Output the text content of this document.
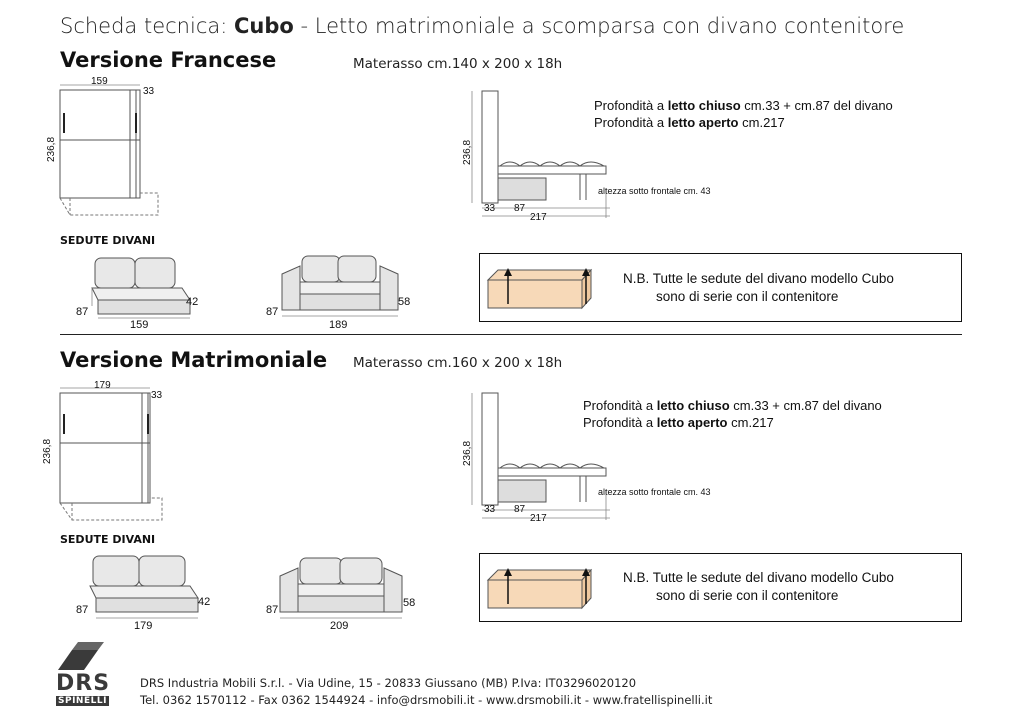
Scheda tecnica: Cubo - Letto matrimoniale a scomparsa con divano contenitore
Versione Francese	Materasso cm.140 x 200 x 18h
159
33
236,8	236,8
33 87
217
altezza sotto frontale cm. 43
Profondità a letto chiuso cm.33 + cm.87 del divano
Profondità a letto aperto cm.217
SEDUTE DIVANI
87
159
42
87
189
58
N.B. Tutte le sedute del divano modello Cubo
sono di serie con il contenitore
Versione Matrimoniale Materasso cm.160 x 200 x 18h
179
33
236,8	236,8
33 87
217
altezza sotto frontale cm. 43
Profondità a letto chiuso cm.33 + cm.87 del divano
Profondità a letto aperto cm.217
SEDUTE DIVANI
87
179
42
87
209
58
N.B. Tutte le sedute del divano modello Cubo
sono di serie con il contenitore
DRS
SPINELLI
DRS Industria Mobili S.r.l. - Via Udine, 15 - 20833 Giussano (MB) P.Iva: IT03296020120
Tel. 0362 1570112 - Fax 0362 1544924 - info@drsmobili.it - www.drsmobili.it - www.fratellispinelli.it
